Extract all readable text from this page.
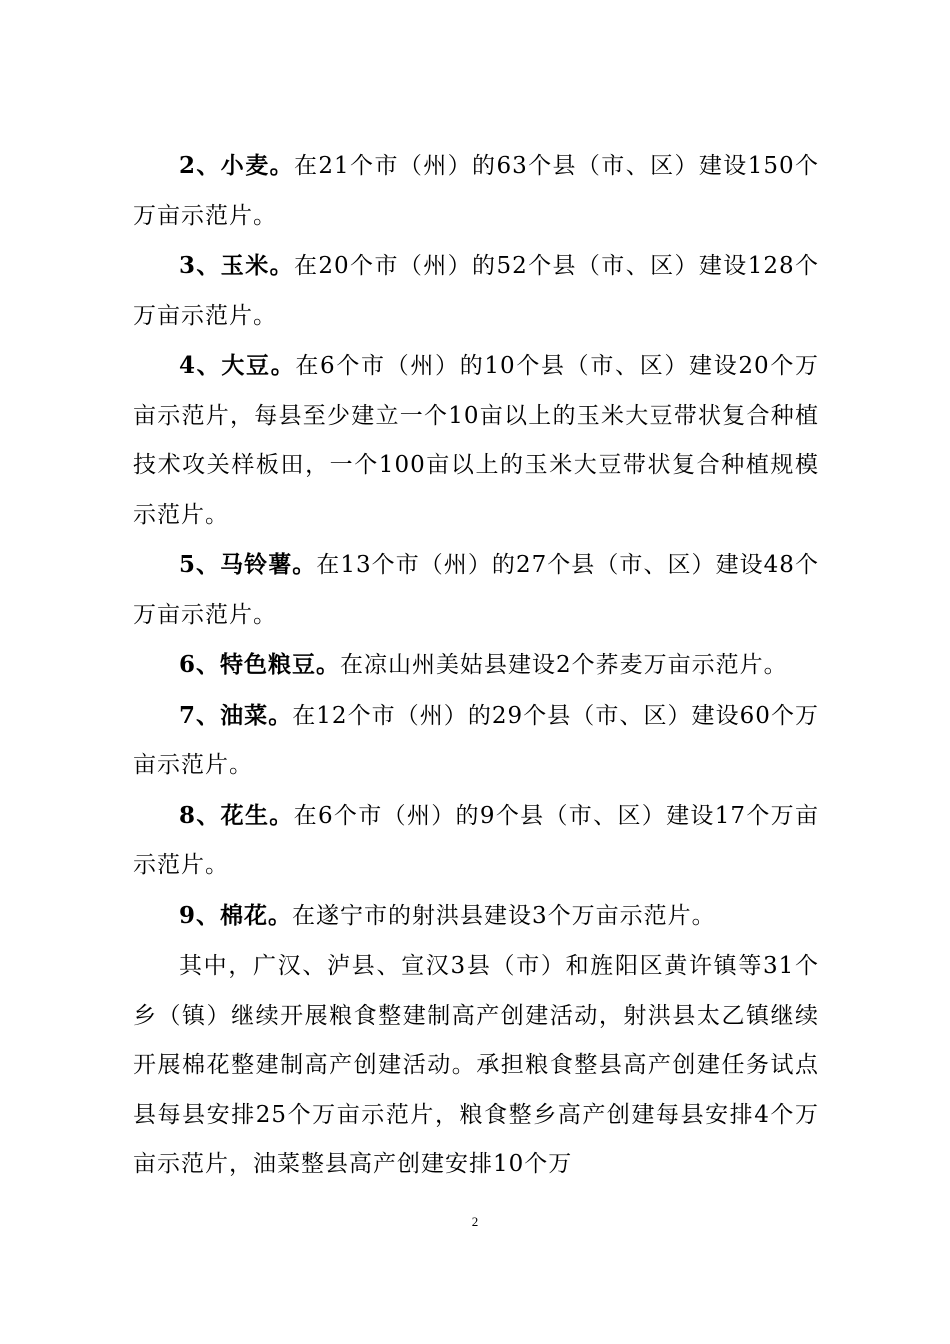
2、小麦。在21个市（州）的63个县（市、区）建设150个万亩示范片。

3、玉米。在20个市（州）的52个县（市、区）建设128个万亩示范片。

4、大豆。在6个市（州）的10个县（市、区）建设20个万亩示范片，每县至少建立一个10亩以上的玉米大豆带状复合种植技术攻关样板田，一个100亩以上的玉米大豆带状复合种植规模示范片。

5、马铃薯。在13个市（州）的27个县（市、区）建设48个万亩示范片。

6、特色粮豆。在凉山州美姑县建设2个荞麦万亩示范片。

7、油菜。在12个市（州）的29个县（市、区）建设60个万亩示范片。

8、花生。在6个市（州）的9个县（市、区）建设17个万亩示范片。

9、棉花。在遂宁市的射洪县建设3个万亩示范片。

其中，广汉、泸县、宣汉3县（市）和旌阳区黄许镇等31个乡（镇）继续开展粮食整建制高产创建活动，射洪县太乙镇继续开展棉花整建制高产创建活动。承担粮食整县高产创建任务试点县每县安排25个万亩示范片，粮食整乡高产创建每县安排4个万亩示范片，油菜整县高产创建安排10个万

2
